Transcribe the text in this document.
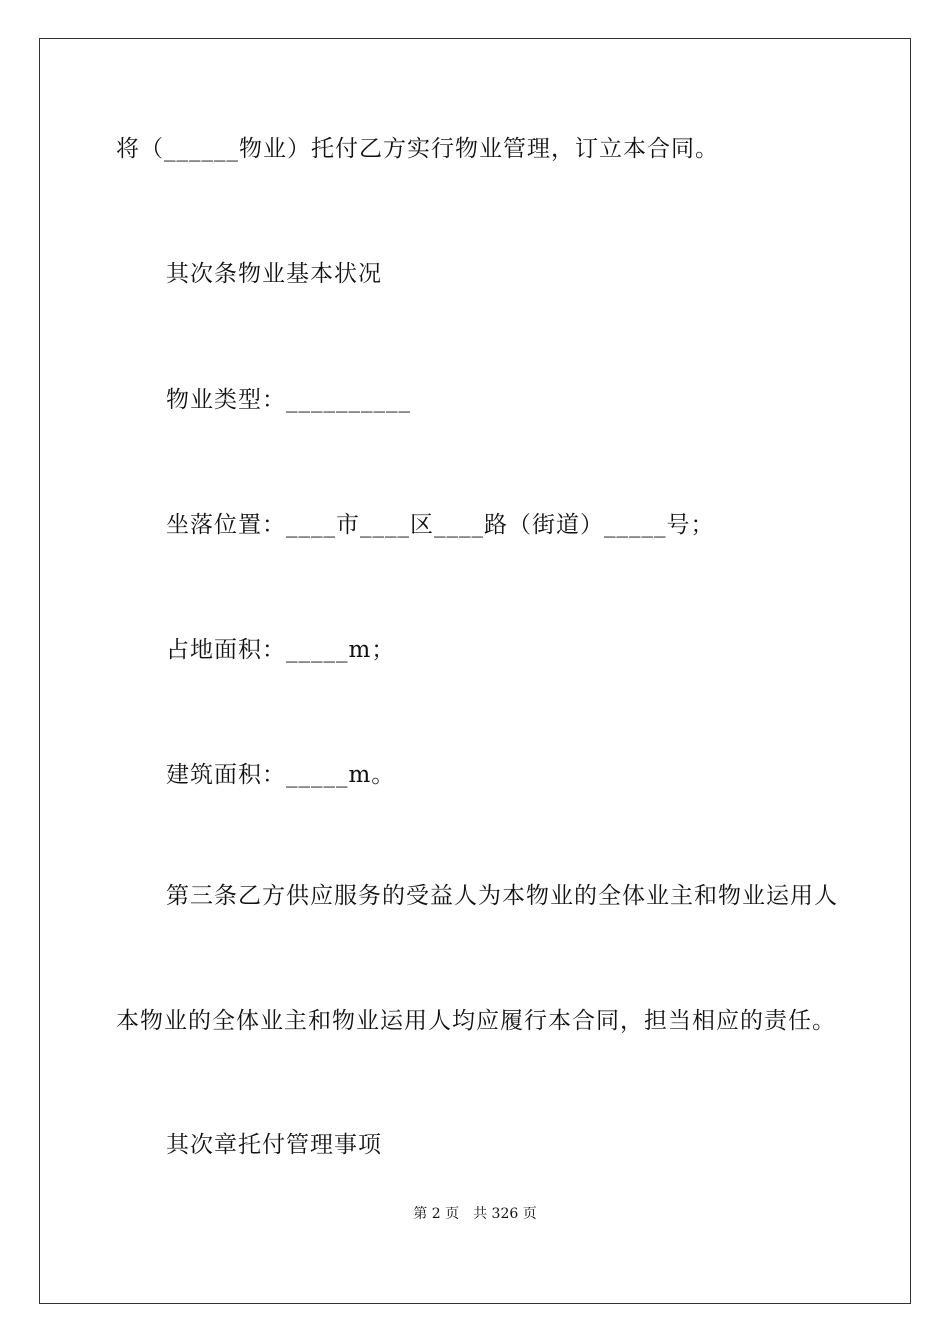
将（______物业）托付乙方实行物业管理，订立本合同。
其次条物业基本状况
物业类型：__________
坐落位置：____市____区____路（街道）_____号；
占地面积：_____m；
建筑面积：_____m。
第三条乙方供应服务的受益人为本物业的全体业主和物业运用人
本物业的全体业主和物业运用人均应履行本合同，担当相应的责任。
其次章托付管理事项
第 2 页　共 326 页
